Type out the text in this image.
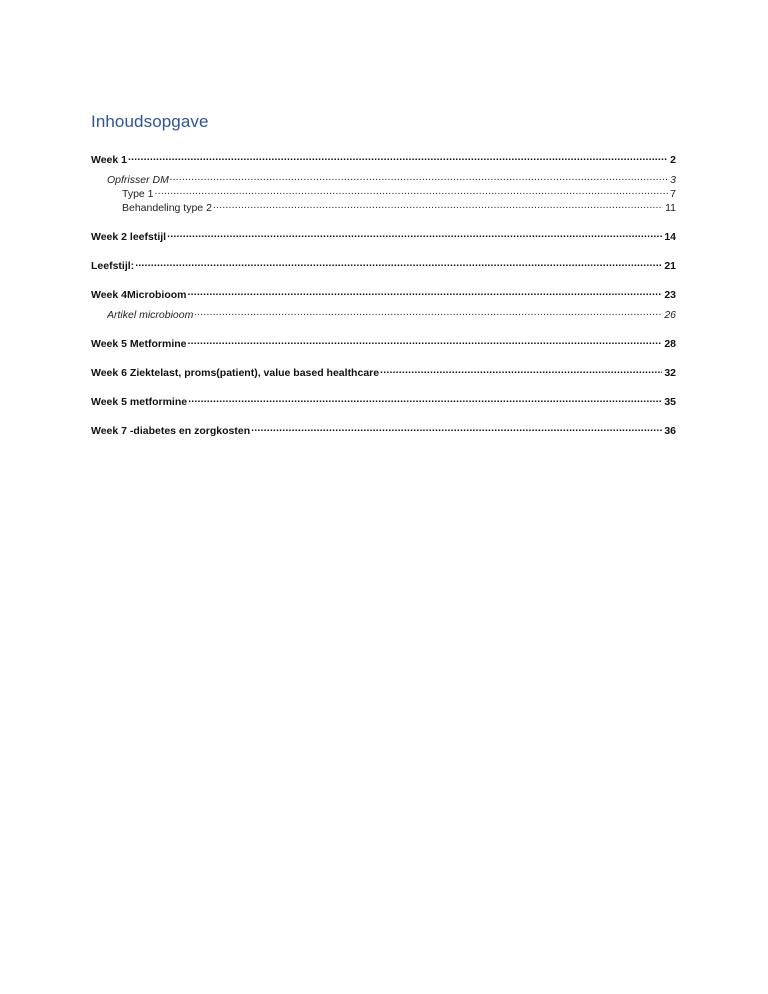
Inhoudsopgave
Week 1 .....	2
Opfrisser DM .....	3
Type 1 .....	7
Behandeling type 2 .....	11
Week 2 leefstijl .....	14
Leefstijl: .....	21
Week 4Microbioom .....	23
Artikel microbioom .....	26
Week 5 Metformine .....	28
Week 6 Ziektelast, proms(patient), value based healthcare .....	32
Week 5 metformine .....	35
Week 7 -diabetes en zorgkosten .....	36
